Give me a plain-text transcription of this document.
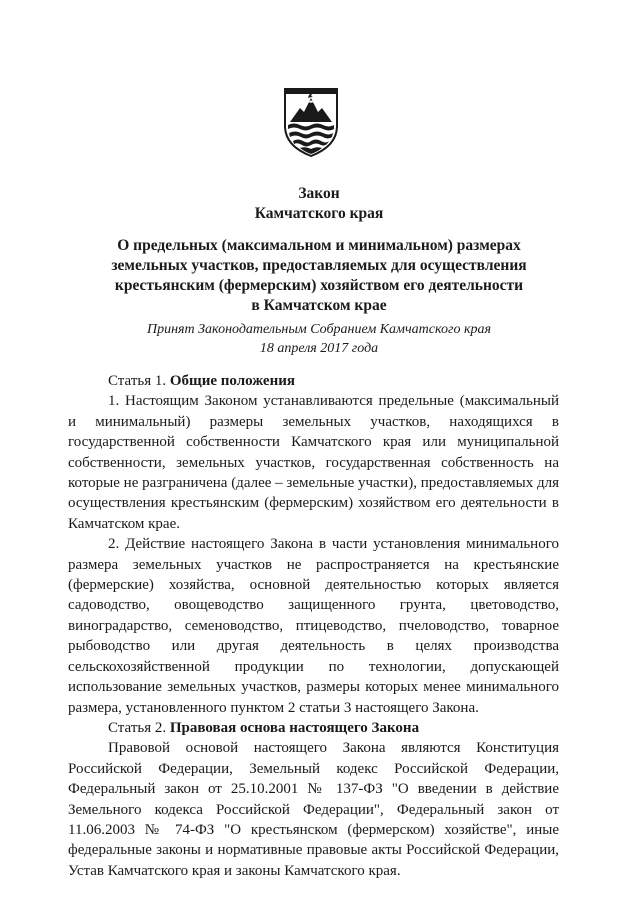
Закон
Камчатского края
О предельных (максимальном и минимальном) размерах
земельных участков, предоставляемых для осуществления
крестьянским (фермерским) хозяйством его деятельности
в Камчатском крае
Принят Законодательным Собранием Камчатского края
18 апреля 2017 года

Статья 1. Общие положения

1. Настоящим Законом устанавливаются предельные (максимальный и минимальный) размеры земельных участков, находящихся в государственной собственности Камчатского края или муниципальной собственности, земельных участков, государственная собственность на которые не разграничена (далее – земельные участки), предоставляемых для осуществления крестьянским (фермерским) хозяйством его деятельности в Камчатском крае.

2. Действие настоящего Закона в части установления минимального размера земельных участков не распространяется на крестьянские (фермерские) хозяйства, основной деятельностью которых является садоводство, овощеводство защищенного грунта, цветоводство, виноградарство, семеноводство, птицеводство, пчеловодство, товарное рыбоводство или другая деятельность в целях производства сельскохозяйственной продукции по технологии, допускающей использование земельных участков, размеры которых менее минимального размера, установленного пунктом 2 статьи 3 настоящего Закона.

Статья 2. Правовая основа настоящего Закона

Правовой основой настоящего Закона являются Конституция Российской Федерации, Земельный кодекс Российской Федерации, Федеральный закон от 25.10.2001 № 137-ФЗ "О введении в действие Земельного кодекса Российской Федерации", Федеральный закон от 11.06.2003 № 74-ФЗ "О крестьянском (фермерском) хозяйстве", иные федеральные законы и нормативные правовые акты Российской Федерации, Устав Камчатского края и законы Камчатского края.
